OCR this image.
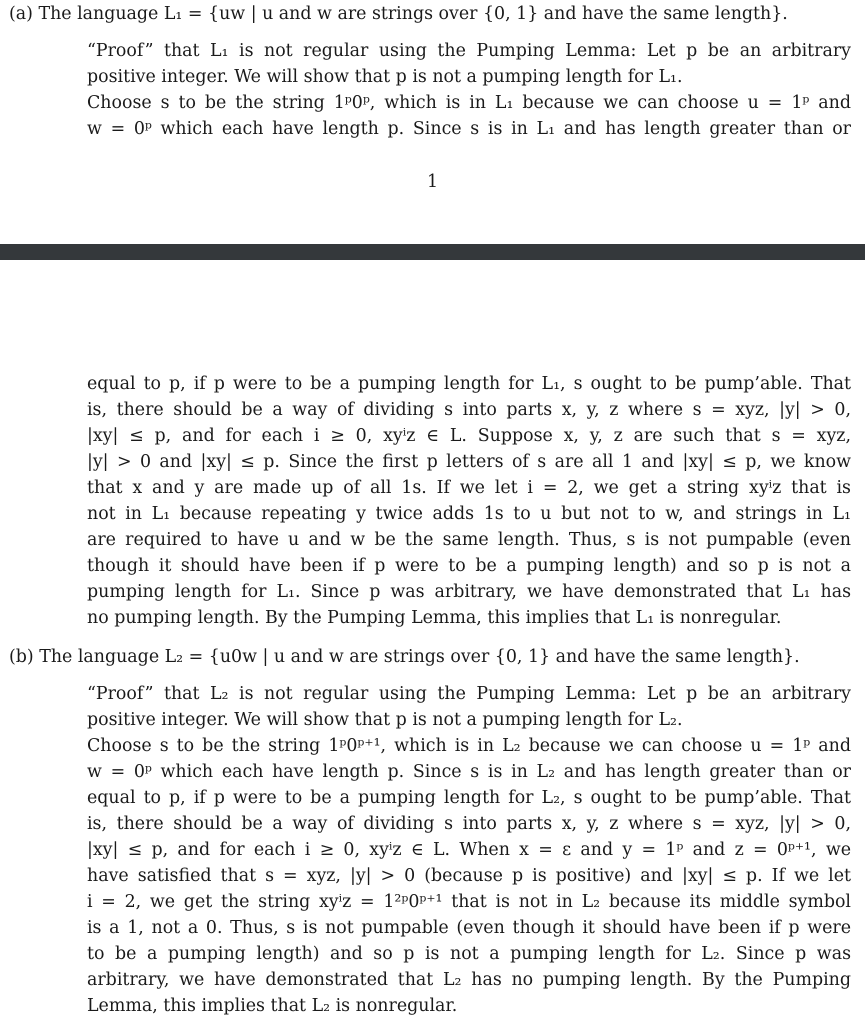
(a) The language L₁ = {uw | u and w are strings over {0, 1} and have the same length}.
“Proof” that L₁ is not regular using the Pumping Lemma: Let p be an arbitrary
positive integer. We will show that p is not a pumping length for L₁.
Choose s to be the string 1ᵖ0ᵖ, which is in L₁ because we can choose u = 1ᵖ and
w = 0ᵖ which each have length p. Since s is in L₁ and has length greater than or
1
equal to p, if p were to be a pumping length for L₁, s ought to be pump’able. That
is, there should be a way of dividing s into parts x, y, z where s = xyz, |y| > 0,
|xy| ≤ p, and for each i ≥ 0, xyⁱz ∈ L. Suppose x, y, z are such that s = xyz,
|y| > 0 and |xy| ≤ p. Since the first p letters of s are all 1 and |xy| ≤ p, we know
that x and y are made up of all 1s. If we let i = 2, we get a string xyⁱz that is
not in L₁ because repeating y twice adds 1s to u but not to w, and strings in L₁
are required to have u and w be the same length. Thus, s is not pumpable (even
though it should have been if p were to be a pumping length) and so p is not a
pumping length for L₁. Since p was arbitrary, we have demonstrated that L₁ has
no pumping length. By the Pumping Lemma, this implies that L₁ is nonregular.
(b) The language L₂ = {u0w | u and w are strings over {0, 1} and have the same length}.
“Proof” that L₂ is not regular using the Pumping Lemma: Let p be an arbitrary
positive integer. We will show that p is not a pumping length for L₂.
Choose s to be the string 1ᵖ0ᵖ⁺¹, which is in L₂ because we can choose u = 1ᵖ and
w = 0ᵖ which each have length p. Since s is in L₂ and has length greater than or
equal to p, if p were to be a pumping length for L₂, s ought to be pump’able. That
is, there should be a way of dividing s into parts x, y, z where s = xyz, |y| > 0,
|xy| ≤ p, and for each i ≥ 0, xyⁱz ∈ L. When x = ε and y = 1ᵖ and z = 0ᵖ⁺¹, we
have satisfied that s = xyz, |y| > 0 (because p is positive) and |xy| ≤ p. If we let
i = 2, we get the string xyⁱz = 1²ᵖ0ᵖ⁺¹ that is not in L₂ because its middle symbol
is a 1, not a 0. Thus, s is not pumpable (even though it should have been if p were
to be a pumping length) and so p is not a pumping length for L₂. Since p was
arbitrary, we have demonstrated that L₂ has no pumping length. By the Pumping
Lemma, this implies that L₂ is nonregular.
